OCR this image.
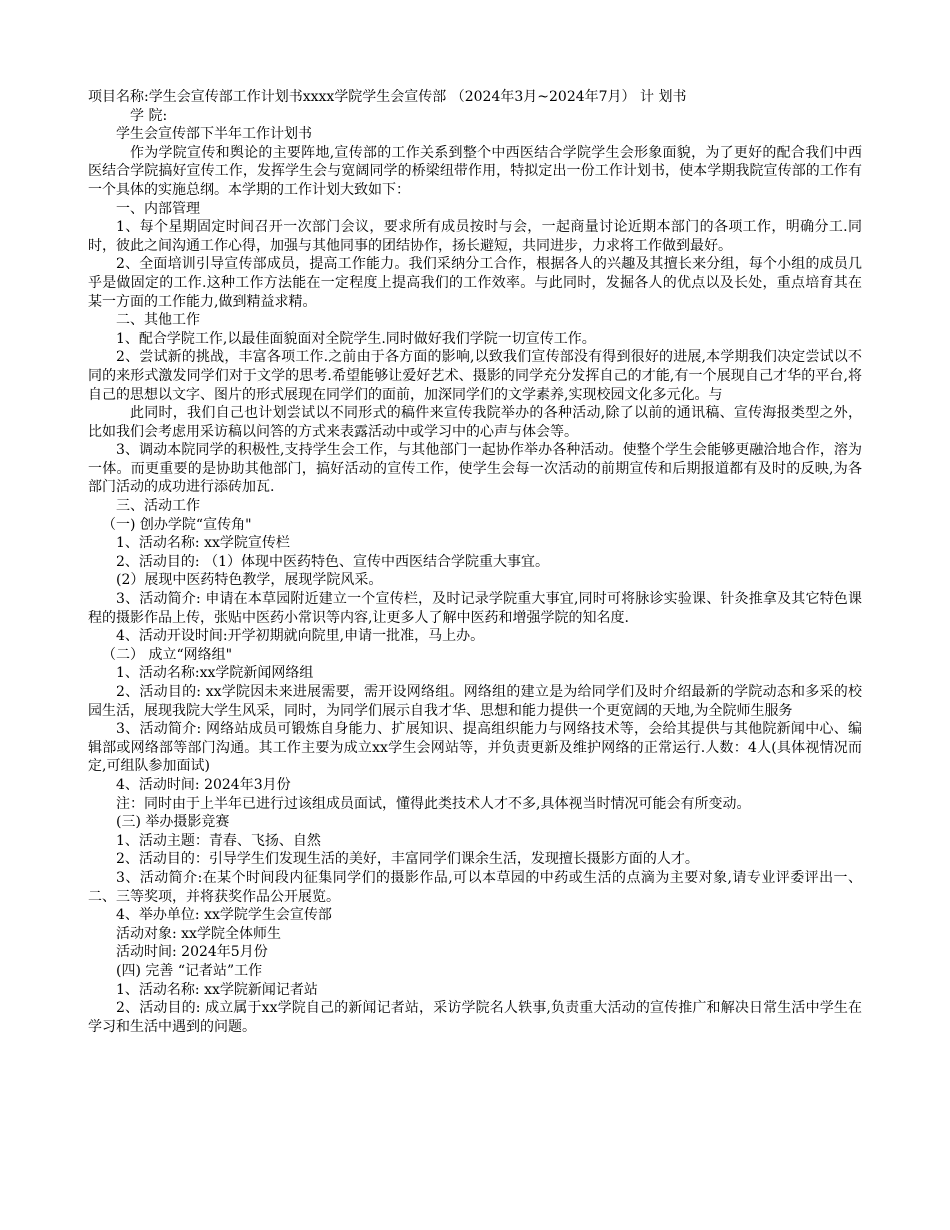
项目名称:学生会宣传部工作计划书xxxx学院学生会宣传部 （2024年3月~2024年7月） 计 划书

学 院:

学生会宣传部下半年工作计划书

作为学院宣传和舆论的主要阵地,宣传部的工作关系到整个中西医结合学院学生会形象面貌，为了更好的配合我们中西医结合学院搞好宣传工作，发挥学生会与宽阔同学的桥梁纽带作用，特拟定出一份工作计划书，使本学期我院宣传部的工作有一个具体的实施总纲。本学期的工作计划大致如下：

一、内部管理

1、每个星期固定时间召开一次部门会议，要求所有成员按时与会，一起商量讨论近期本部门的各项工作，明确分工.同时，彼此之间沟通工作心得，加强与其他同事的团结协作，扬长避短，共同进步，力求将工作做到最好。

2、全面培训引导宣传部成员，提高工作能力。我们采纳分工合作，根据各人的兴趣及其擅长来分组，每个小组的成员几乎是做固定的工作.这种工作方法能在一定程度上提高我们的工作效率。与此同时，发掘各人的优点以及长处，重点培育其在某一方面的工作能力,做到精益求精。

二、其他工作

1、配合学院工作,以最佳面貌面对全院学生.同时做好我们学院一切宣传工作。

2、尝试新的挑战，丰富各项工作.之前由于各方面的影响,以致我们宣传部没有得到很好的进展,本学期我们决定尝试以不同的来形式激发同学们对于文学的思考.希望能够让爱好艺术、摄影的同学充分发挥自己的才能,有一个展现自己才华的平台,将自己的思想以文字、图片的形式展现在同学们的面前，加深同学们的文学素养,实现校园文化多元化。与

此同时，我们自己也计划尝试以不同形式的稿件来宣传我院举办的各种活动,除了以前的通讯稿、宣传海报类型之外，比如我们会考虑用采访稿以问答的方式来表露活动中或学习中的心声与体会等。

3、调动本院同学的积极性,支持学生会工作，与其他部门一起协作举办各种活动。使整个学生会能够更融洽地合作，溶为一体。而更重要的是协助其他部门，搞好活动的宣传工作，使学生会每一次活动的前期宣传和后期报道都有及时的反映,为各部门活动的成功进行添砖加瓦.

三、活动工作

（一) 创办学院“宣传角"

1、活动名称: xx学院宣传栏

2、活动目的: （1）体现中医药特色、宣传中西医结合学院重大事宜。

(2）展现中医药特色教学，展现学院风采。

3、活动简介: 申请在本草园附近建立一个宣传栏，及时记录学院重大事宜,同时可将脉诊实验课、针灸推拿及其它特色课程的摄影作品上传，张贴中医药小常识等内容,让更多人了解中医药和增强学院的知名度.

4、活动开设时间:开学初期就向院里,申请一批准，马上办。

（二） 成立“网络组"

1、活动名称:xx学院新闻网络组

2、活动目的: xx学院因未来进展需要，需开设网络组。网络组的建立是为给同学们及时介绍最新的学院动态和多采的校园生活，展现我院大学生风采，同时，为同学们展示自我才华、思想和能力提供一个更宽阔的天地,为全院师生服务

3、活动简介: 网络站成员可锻炼自身能力、扩展知识、提高组织能力与网络技术等，会给其提供与其他院新闻中心、编辑部或网络部等部门沟通。其工作主要为成立xx学生会网站等，并负责更新及维护网络的正常运行.人数：4人(具体视情况而定,可组队参加面试)

4、活动时间: 2024年3月份

注：同时由于上半年已进行过该组成员面试，懂得此类技术人才不多,具体视当时情况可能会有所变动。

(三) 举办摄影竞赛

1、活动主题：青春、飞扬、自然

2、活动目的：引导学生们发现生活的美好，丰富同学们课余生活，发现擅长摄影方面的人才。

3、活动简介:在某个时间段内征集同学们的摄影作品,可以本草园的中药或生活的点滴为主要对象,请专业评委评出一、二、三等奖项，并将获奖作品公开展览。

4、举办单位: xx学院学生会宣传部

活动对象: xx学院全体师生

活动时间: 2024年5月份

(四) 完善 “记者站”工作

1、活动名称: xx学院新闻记者站

2、活动目的: 成立属于xx学院自己的新闻记者站，采访学院名人轶事,负责重大活动的宣传推广和解决日常生活中学生在学习和生活中遇到的问题。
